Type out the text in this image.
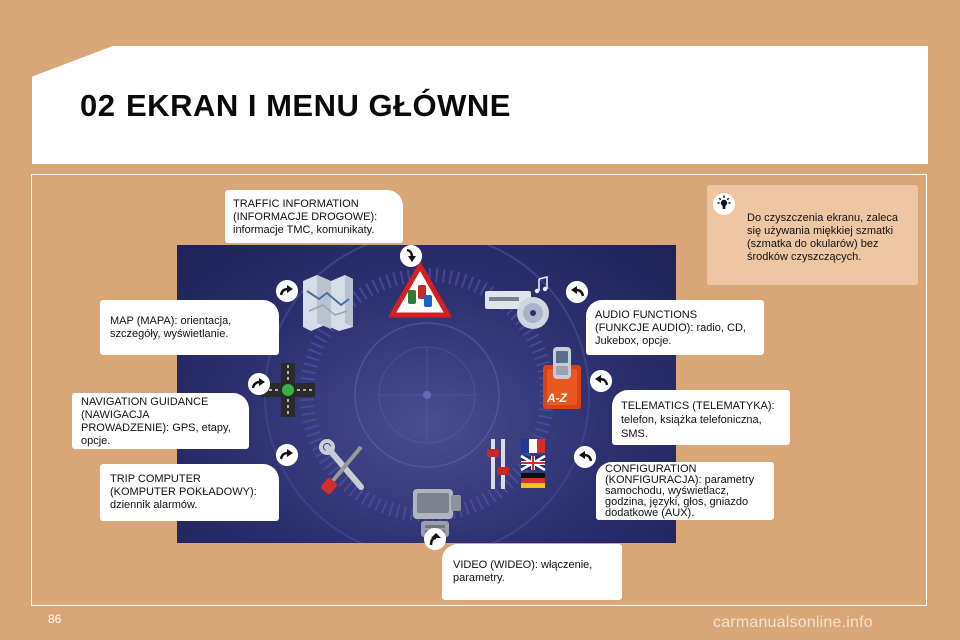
02 EKRAN I MENU GŁÓWNE
Do czyszczenia ekranu, zaleca się używania miękkiej szmatki (szmatka do okularów) bez środków czyszczących.
A-Z
TRAFFIC INFORMATION
(INFORMACJE DROGOWE):
informacje TMC, komunikaty.
MAP (MAPA): orientacja,
szczegóły, wyświetlanie.
NAVIGATION GUIDANCE
(NAWIGACJA
PROWADZENIE): GPS, etapy,
opcje.
TRIP COMPUTER
(KOMPUTER POKŁADOWY):
dziennik alarmów.
VIDEO (WIDEO): włączenie,
parametry.
AUDIO FUNCTIONS
(FUNKCJE AUDIO): radio, CD,
Jukebox, opcje.
TELEMATICS (TELEMATYKA):
telefon, książka telefoniczna,
SMS.
CONFIGURATION
(KONFIGURACJA): parametry
samochodu, wyświetlacz,
godzina, języki, głos, gniazdo
dodatkowe (AUX).
86	carmanualsonline.info
